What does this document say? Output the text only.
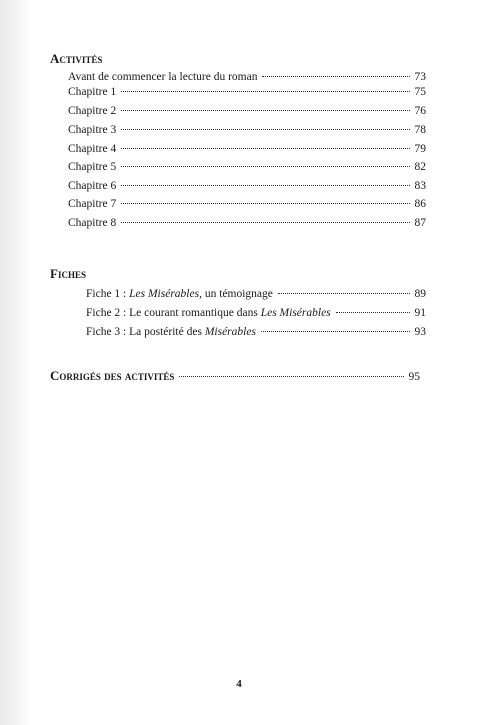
Activités
Avant de commencer la lecture du roman	73
Chapitre 1	75
Chapitre 2	76
Chapitre 3	78
Chapitre 4	79
Chapitre 5	82
Chapitre 6	83
Chapitre 7	86
Chapitre 8	87
Fiches
Fiche 1 : Les Misérables, un témoignage	89
Fiche 2 : Le courant romantique dans Les Misérables	91
Fiche 3 : La postérité des Misérables	93
Corrigés des activités	95
4
